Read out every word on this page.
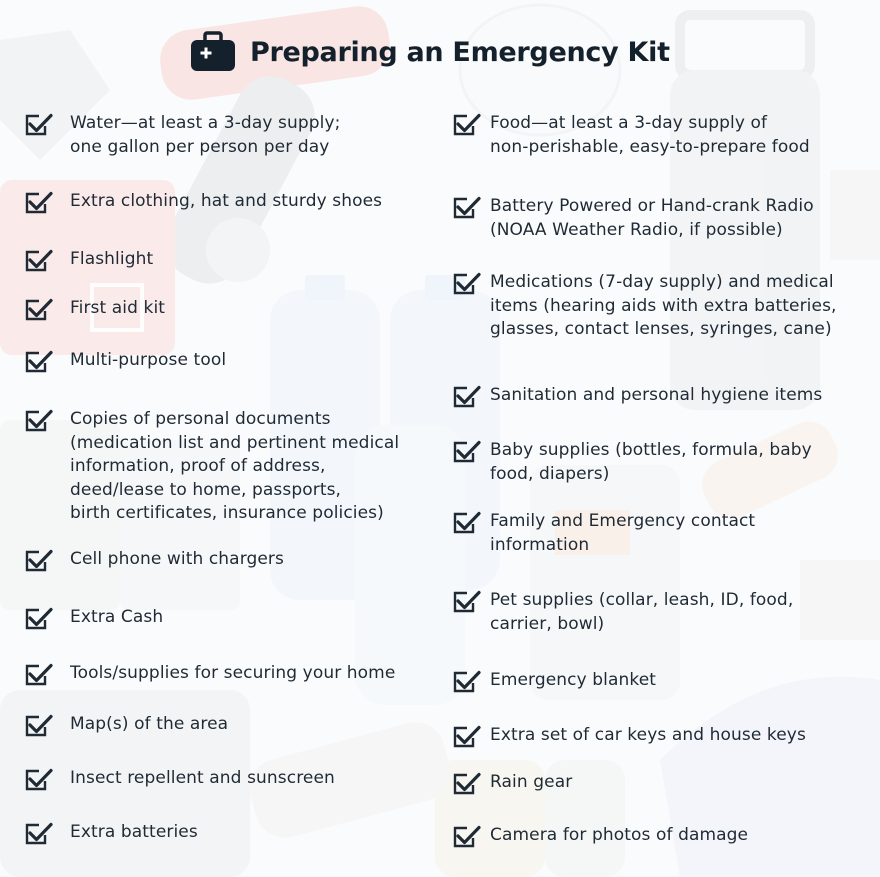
Preparing an Emergency Kit
Water—at least a 3-day supply;
one gallon per person per day
Extra clothing, hat and sturdy shoes
Flashlight
First aid kit
Multi-purpose tool
Copies of personal documents
(medication list and pertinent medical
information, proof of address,
deed/lease to home, passports,
birth certificates, insurance policies)
Cell phone with chargers
Extra Cash
Tools/supplies for securing your home
Map(s) of the area
Insect repellent and sunscreen
Extra batteries
Food—at least a 3-day supply of
non-perishable, easy-to-prepare food
Battery Powered or Hand-crank Radio
(NOAA Weather Radio, if possible)
Medications (7-day supply) and medical
items (hearing aids with extra batteries,
glasses, contact lenses, syringes, cane)
Sanitation and personal hygiene items
Baby supplies (bottles, formula, baby
food, diapers)
Family and Emergency contact
information
Pet supplies (collar, leash, ID, food,
carrier, bowl)
Emergency blanket
Extra set of car keys and house keys
Rain gear
Camera for photos of damage
